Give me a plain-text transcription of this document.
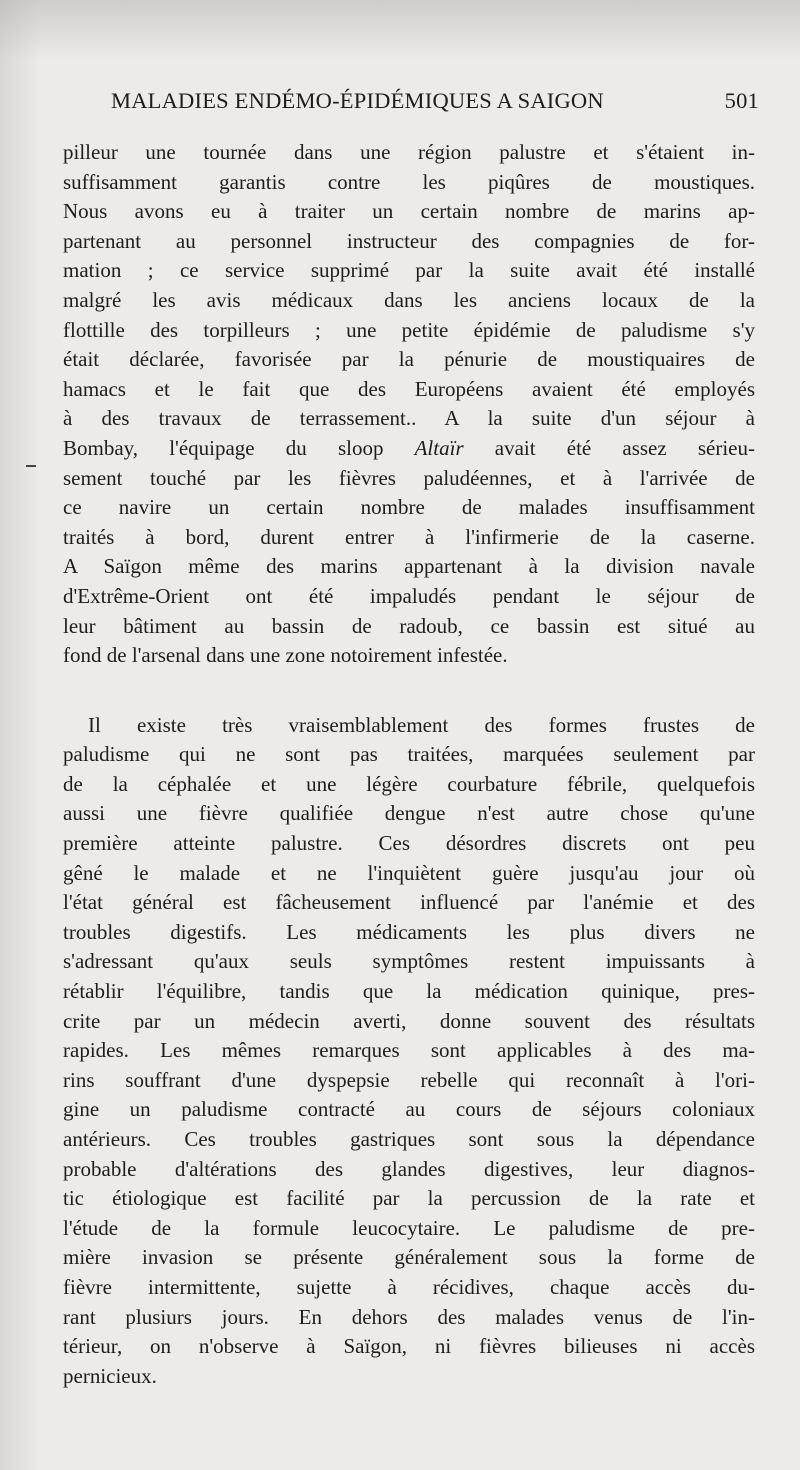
MALADIES ENDÉMO-ÉPIDÉMIQUES A SAIGON	501
pilleur une tournée dans une région palustre et s'étaient in-
suffisamment garantis contre les piqûres de moustiques.
Nous avons eu à traiter un certain nombre de marins ap-
partenant au personnel instructeur des compagnies de for-
mation ; ce service supprimé par la suite avait été installé
malgré les avis médicaux dans les anciens locaux de la
flottille des torpilleurs ; une petite épidémie de paludisme s'y
était déclarée, favorisée par la pénurie de moustiquaires de
hamacs et le fait que des Européens avaient été employés
à des travaux de terrassement.. A la suite d'un séjour à
Bombay, l'équipage du sloop Altaïr avait été assez sérieu-
sement touché par les fièvres paludéennes, et à l'arrivée de
ce navire un certain nombre de malades insuffisamment
traités à bord, durent entrer à l'infirmerie de la caserne.
A Saïgon même des marins appartenant à la division navale
d'Extrême-Orient ont été impaludés pendant le séjour de
leur bâtiment au bassin de radoub, ce bassin est situé au
fond de l'arsenal dans une zone notoirement infestée.
Il existe très vraisemblablement des formes frustes de
paludisme qui ne sont pas traitées, marquées seulement par
de la céphalée et une légère courbature fébrile, quelquefois
aussi une fièvre qualifiée dengue n'est autre chose qu'une
première atteinte palustre. Ces désordres discrets ont peu
gêné le malade et ne l'inquiètent guère jusqu'au jour où
l'état général est fâcheusement influencé par l'anémie et des
troubles digestifs. Les médicaments les plus divers ne
s'adressant qu'aux seuls symptômes restent impuissants à
rétablir l'équilibre, tandis que la médication quinique, pres-
crite par un médecin averti, donne souvent des résultats
rapides. Les mêmes remarques sont applicables à des ma-
rins souffrant d'une dyspepsie rebelle qui reconnaît à l'ori-
gine un paludisme contracté au cours de séjours coloniaux
antérieurs. Ces troubles gastriques sont sous la dépendance
probable d'altérations des glandes digestives, leur diagnos-
tic étiologique est facilité par la percussion de la rate et
l'étude de la formule leucocytaire. Le paludisme de pre-
mière invasion se présente généralement sous la forme de
fièvre intermittente, sujette à récidives, chaque accès du-
rant plusiurs jours. En dehors des malades venus de l'in-
térieur, on n'observe à Saïgon, ni fièvres bilieuses ni accès
pernicieux.
